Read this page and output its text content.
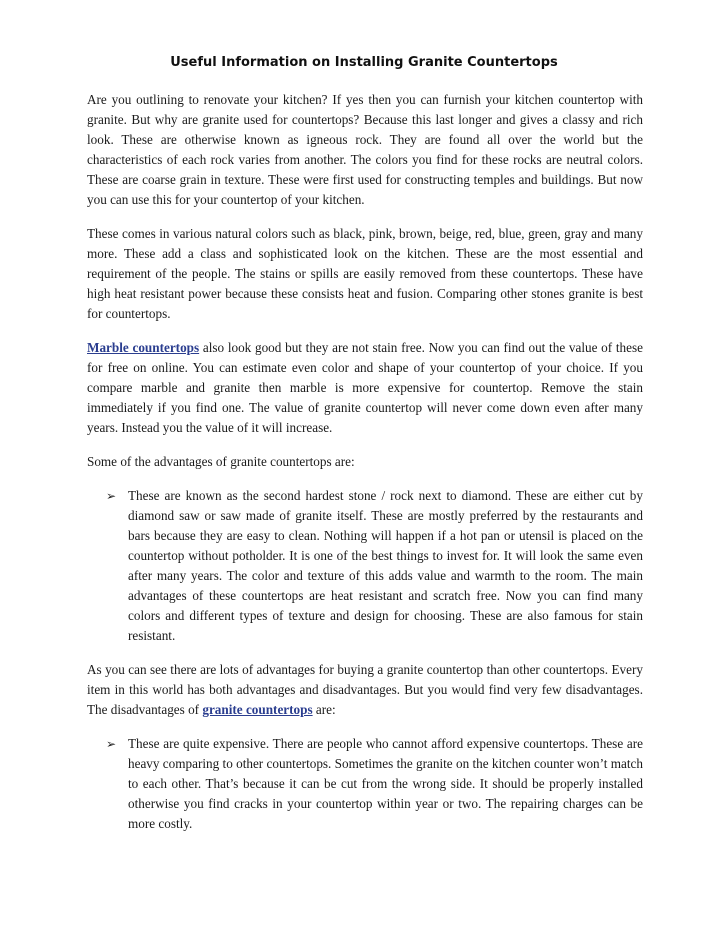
Useful Information on Installing Granite Countertops

Are you outlining to renovate your kitchen? If yes then you can furnish your kitchen countertop with granite. But why are granite used for countertops? Because this last longer and gives a classy and rich look. These are otherwise known as igneous rock. They are found all over the world but the characteristics of each rock varies from another. The colors you find for these rocks are neutral colors. These are coarse grain in texture. These were first used for constructing temples and buildings. But now you can use this for your countertop of your kitchen.

These comes in various natural colors such as black, pink, brown, beige, red, blue, green, gray and many more. These add a class and sophisticated look on the kitchen. These are the most essential and requirement of the people. The stains or spills are easily removed from these countertops. These have high heat resistant power because these consists heat and fusion. Comparing other stones granite is best for countertops.

Marble countertops also look good but they are not stain free. Now you can find out the value of these for free on online. You can estimate even color and shape of your countertop of your choice. If you compare marble and granite then marble is more expensive for countertop. Remove the stain immediately if you find one. The value of granite countertop will never come down even after many years. Instead you the value of it will increase.

Some of the advantages of granite countertops are:

➢ These are known as the second hardest stone / rock next to diamond. These are either cut by diamond saw or saw made of granite itself. These are mostly preferred by the restaurants and bars because they are easy to clean. Nothing will happen if a hot pan or utensil is placed on the countertop without potholder. It is one of the best things to invest for. It will look the same even after many years. The color and texture of this adds value and warmth to the room. The main advantages of these countertops are heat resistant and scratch free. Now you can find many colors and different types of texture and design for choosing. These are also famous for stain resistant.

As you can see there are lots of advantages for buying a granite countertop than other countertops. Every item in this world has both advantages and disadvantages. But you would find very few disadvantages. The disadvantages of granite countertops are:

➢ These are quite expensive. There are people who cannot afford expensive countertops. These are heavy comparing to other countertops. Sometimes the granite on the kitchen counter won’t match to each other. That’s because it can be cut from the wrong side. It should be properly installed otherwise you find cracks in your countertop within year or two. The repairing charges can be more costly.
